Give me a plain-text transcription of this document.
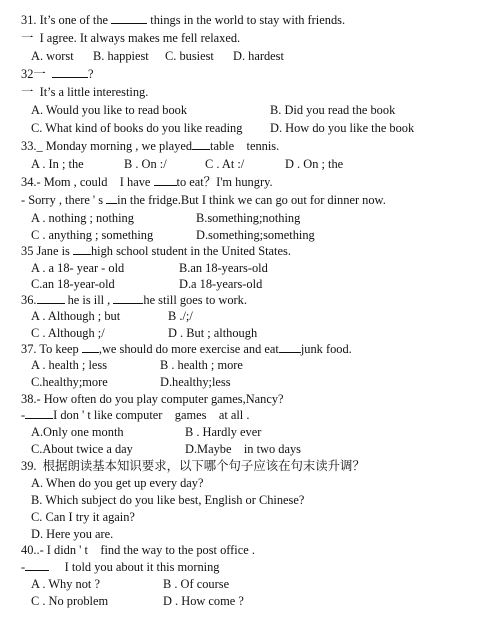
31. It’s one of the	things in the world to stay with friends.
一  I agree. It always makes me fell relaxed.
A. worst B. happiest C. busiest D. hardest
32一	?
一  It’s a little interesting.
A. Would you like to read book	B. Did you read the book
C. What kind of books do you like reading D. How do you like the book
33._ Monday morning , we played table    tennis.
A . In ; the	B . On :/	C . At :/	D . On ; the
34.- Mom , could    I have to eat？I'm hungry.
- Sorry , there ' s in the fridge.But I think we can go out for dinner now.
A . nothing ; nothing	B.something;nothing
C . anything ; something	D.something;something
35 Jane is high school student in the United States.
A . a 18- year - old	B.an 18-years-old
C.an 18-year-old	D.a 18-years-old
36. he is ill , he still goes to work.
A . Although ; but	B ./;/
C . Although ;/	D . But ; although
37. To keep ,we should do more exercise and eat junk food.
A . health ; less	B . health ; more
C.healthy;more	D.healthy;less
38.- How often do you play computer games,Nancy?
- I don ' t like computer    games    at all .
A.Only one month	B . Hardly ever
C.About twice a day	D.Maybe    in two days
39.  根据朗读基本知识要求，以下哪个句子应该在句末读升调？
A. When do you get up every day?
B. Which subject do you like best, English or Chinese?
C. Can I try it again?
D. Here you are.
40..- I didn ' t    find the way to the post office .
-     I told you about it this morning
A . Why not ?	B . Of course
C . No problem	D . How come ?
